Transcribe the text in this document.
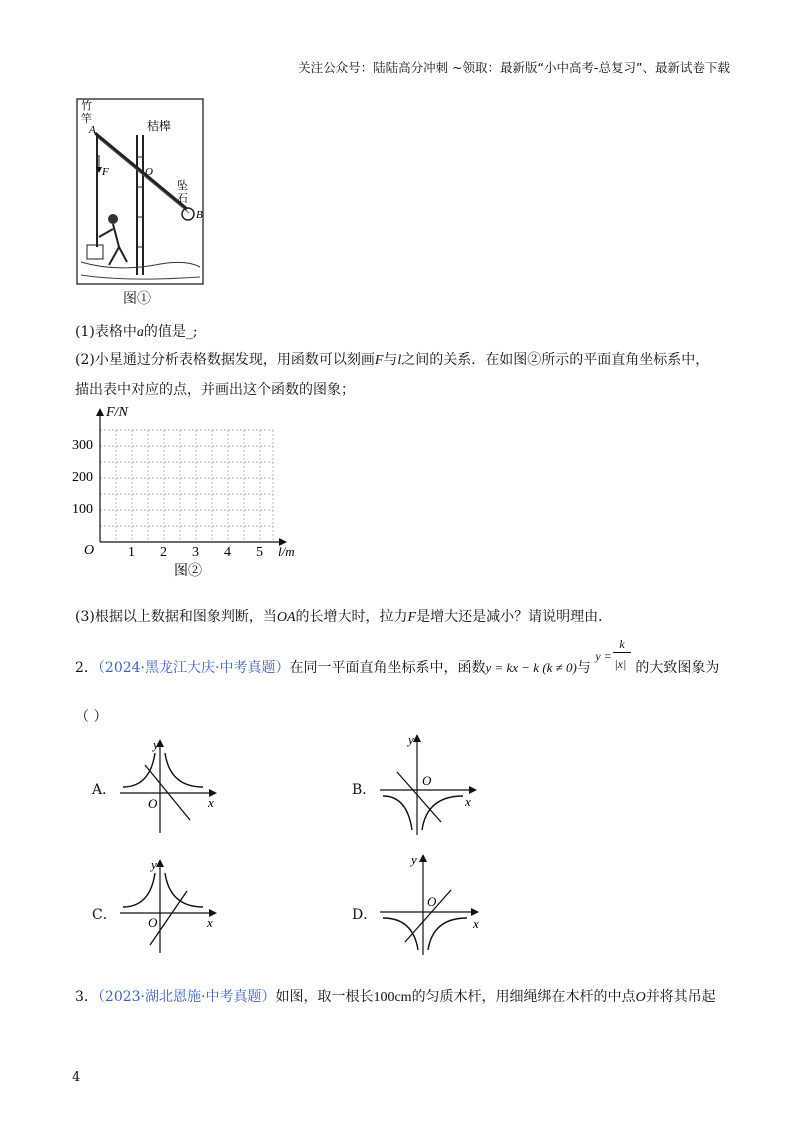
关注公众号：陆陆高分冲刺 ~领取：最新版“小中高考-总复习”、最新试卷下载
竹
竿
A
F	O
桔槔
坠
石
B
图①
(1)表格中a的值是_;
(2)小星通过分析表格数据发现，用函数可以刻画F与l之间的关系．在如图②所示的平面直角坐标系中，
描出表中对应的点，并画出这个函数的图象；
F/N
l/m
O
100
200
300
1 2 3 4 5
图②
(3)根据以上数据和图象判断，当OA的长增大时，拉力F是增大还是减小？请说明理由．
2．（2024·黑龙江大庆·中考真题）在同一平面直角坐标系中，函数y = kx − k (k ≠ 0)与
y =
k
|x| 的大致图象为
（ ）
A．
y
x
O
B．
y
x
O
C．
y
x
O	D．
y
x
O
3．（2023·湖北恩施·中考真题）如图，取一根长100cm的匀质木杆，用细绳绑在木杆的中点O并将其吊起
4
